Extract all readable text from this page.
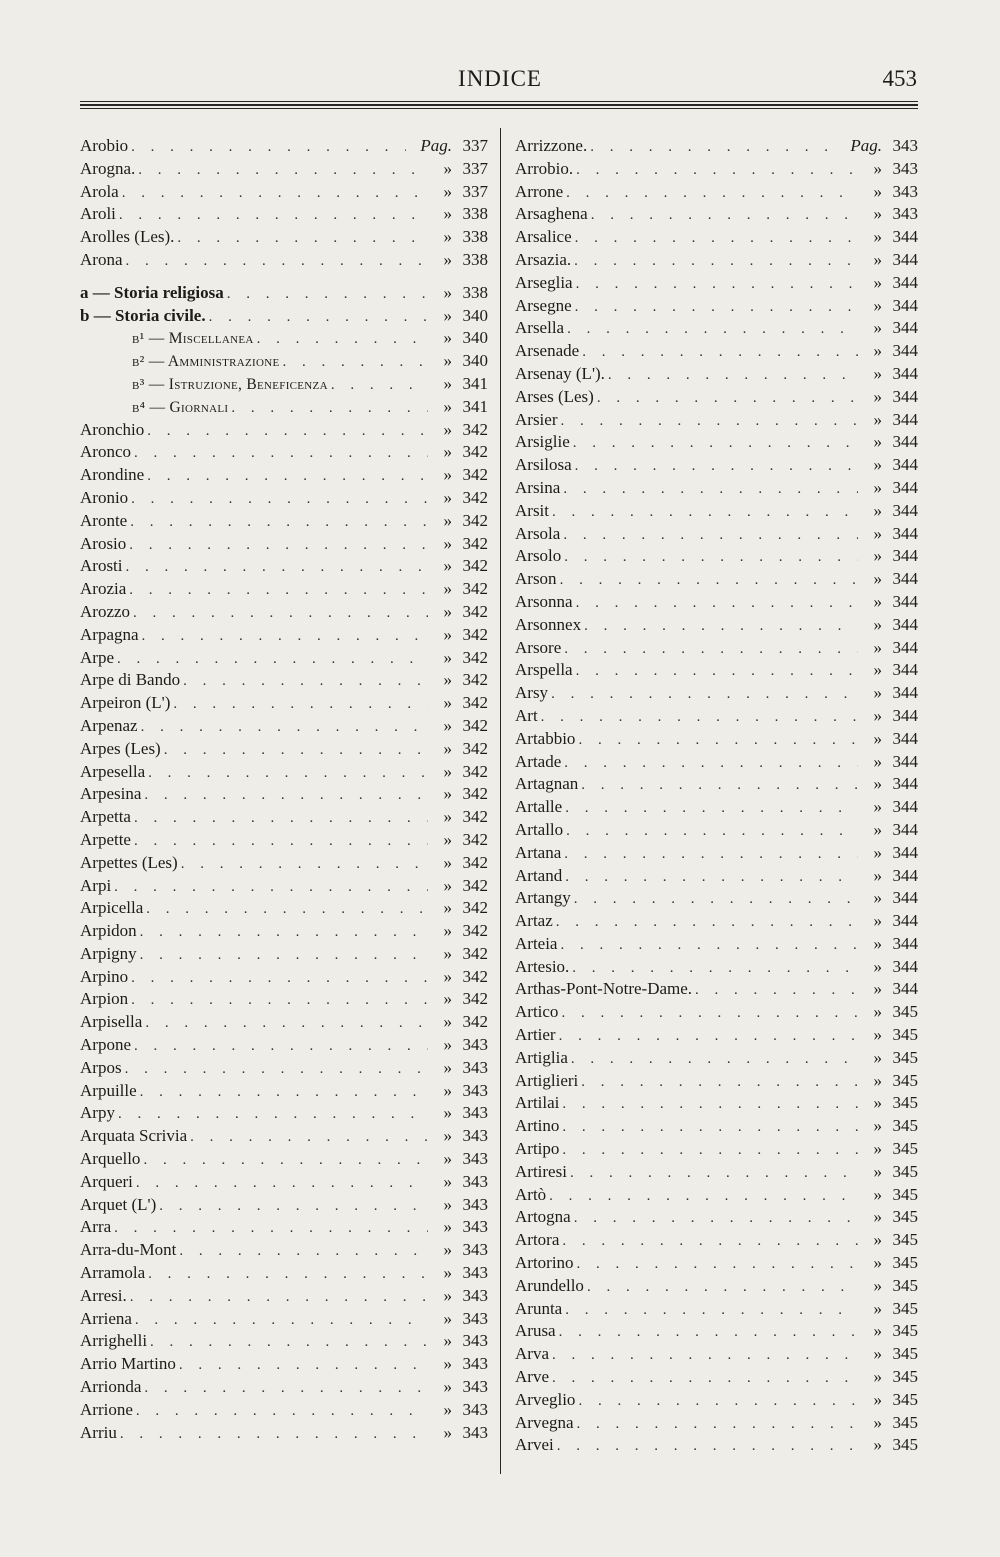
INDICE	453
Arobio . . .	Pag. 337
Arogna. . . .	» 337
Arola . . .	» 337
Aroli . . .	» 338
Arolles (Les). . . .	» 338
Arona . . .	» 338
a — Storia religiosa . . .	» 338
b — Storia civile. . . .	» 340
b¹ — Miscellanea . . .	» 340
b² — Amministrazione . . .	» 340
b³ — Istruzione, Beneficenza . . .	» 341
b⁴ — Giornali . . .	» 341
Aronchio . . .	» 342
Aronco . . .	» 342
Arondine . . .	» 342
Aronio . . .	» 342
Aronte . . .	» 342
Arosio . . .	» 342
Arosti . . .	» 342
Arozia . . .	» 342
Arozzo . . .	» 342
Arpagna . . .	» 342
Arpe . . .	» 342
Arpe di Bando . . .	» 342
Arpeiron (L') . . .	» 342
Arpenaz . . .	» 342
Arpes (Les) . . .	» 342
Arpesella . . .	» 342
Arpesina . . .	» 342
Arpetta . . .	» 342
Arpette . . .	» 342
Arpettes (Les) . . .	» 342
Arpi . . .	» 342
Arpicella . . .	» 342
Arpidon . . .	» 342
Arpigny . . .	» 342
Arpino . . .	» 342
Arpion . . .	» 342
Arpisella . . .	» 342
Arpone . . .	» 343
Arpos . . .	» 343
Arpuille . . .	» 343
Arpy . . .	» 343
Arquata Scrivia . . .	» 343
Arquello . . .	» 343
Arqueri . . .	» 343
Arquet (L') . . .	» 343
Arra . . .	» 343
Arra-du-Mont . . .	» 343
Arramola . . .	» 343
Arresi. . . .	» 343
Arriena . . .	» 343
Arrighelli . . .	» 343
Arrio Martino . . .	» 343
Arrionda . . .	» 343
Arrione . . .	» 343
Arriu . . .	» 343
Arrizzone. . . .	Pag. 343
Arrobio. . . .	» 343
Arrone . . .	» 343
Arsaghena . . .	» 343
Arsalice . . .	» 344
Arsazia. . . .	» 344
Arseglia . . .	» 344
Arsegne . . .	» 344
Arsella . . .	» 344
Arsenade . . .	» 344
Arsenay (L'). . . .	» 344
Arses (Les) . . .	» 344
Arsier . . .	» 344
Arsiglie . . .	» 344
Arsilosa . . .	» 344
Arsina . . .	» 344
Arsit . . .	» 344
Arsola . . .	» 344
Arsolo . . .	» 344
Arson . . .	» 344
Arsonna . . .	» 344
Arsonnex . . .	» 344
Arsore . . .	» 344
Arspella . . .	» 344
Arsy . . .	» 344
Art . . .	» 344
Artabbio . . .	» 344
Artade . . .	» 344
Artagnan . . .	» 344
Artalle . . .	» 344
Artallo . . .	» 344
Artana . . .	» 344
Artand . . .	» 344
Artangy . . .	» 344
Artaz . . .	» 344
Arteia . . .	» 344
Artesio. . . .	» 344
Arthas-Pont-Notre-Dame. . . .	» 344
Artico . . .	» 345
Artier . . .	» 345
Artiglia . . .	» 345
Artiglieri . . .	» 345
Artilai . . .	» 345
Artino . . .	» 345
Artipo . . .	» 345
Artiresi . . .	» 345
Artò . . .	» 345
Artogna . . .	» 345
Artora . . .	» 345
Artorino . . .	» 345
Arundello . . .	» 345
Arunta . . .	» 345
Arusa . . .	» 345
Arva . . .	» 345
Arve . . .	» 345
Arveglio . . .	» 345
Arvegna . . .	» 345
Arvei . . .	» 345
